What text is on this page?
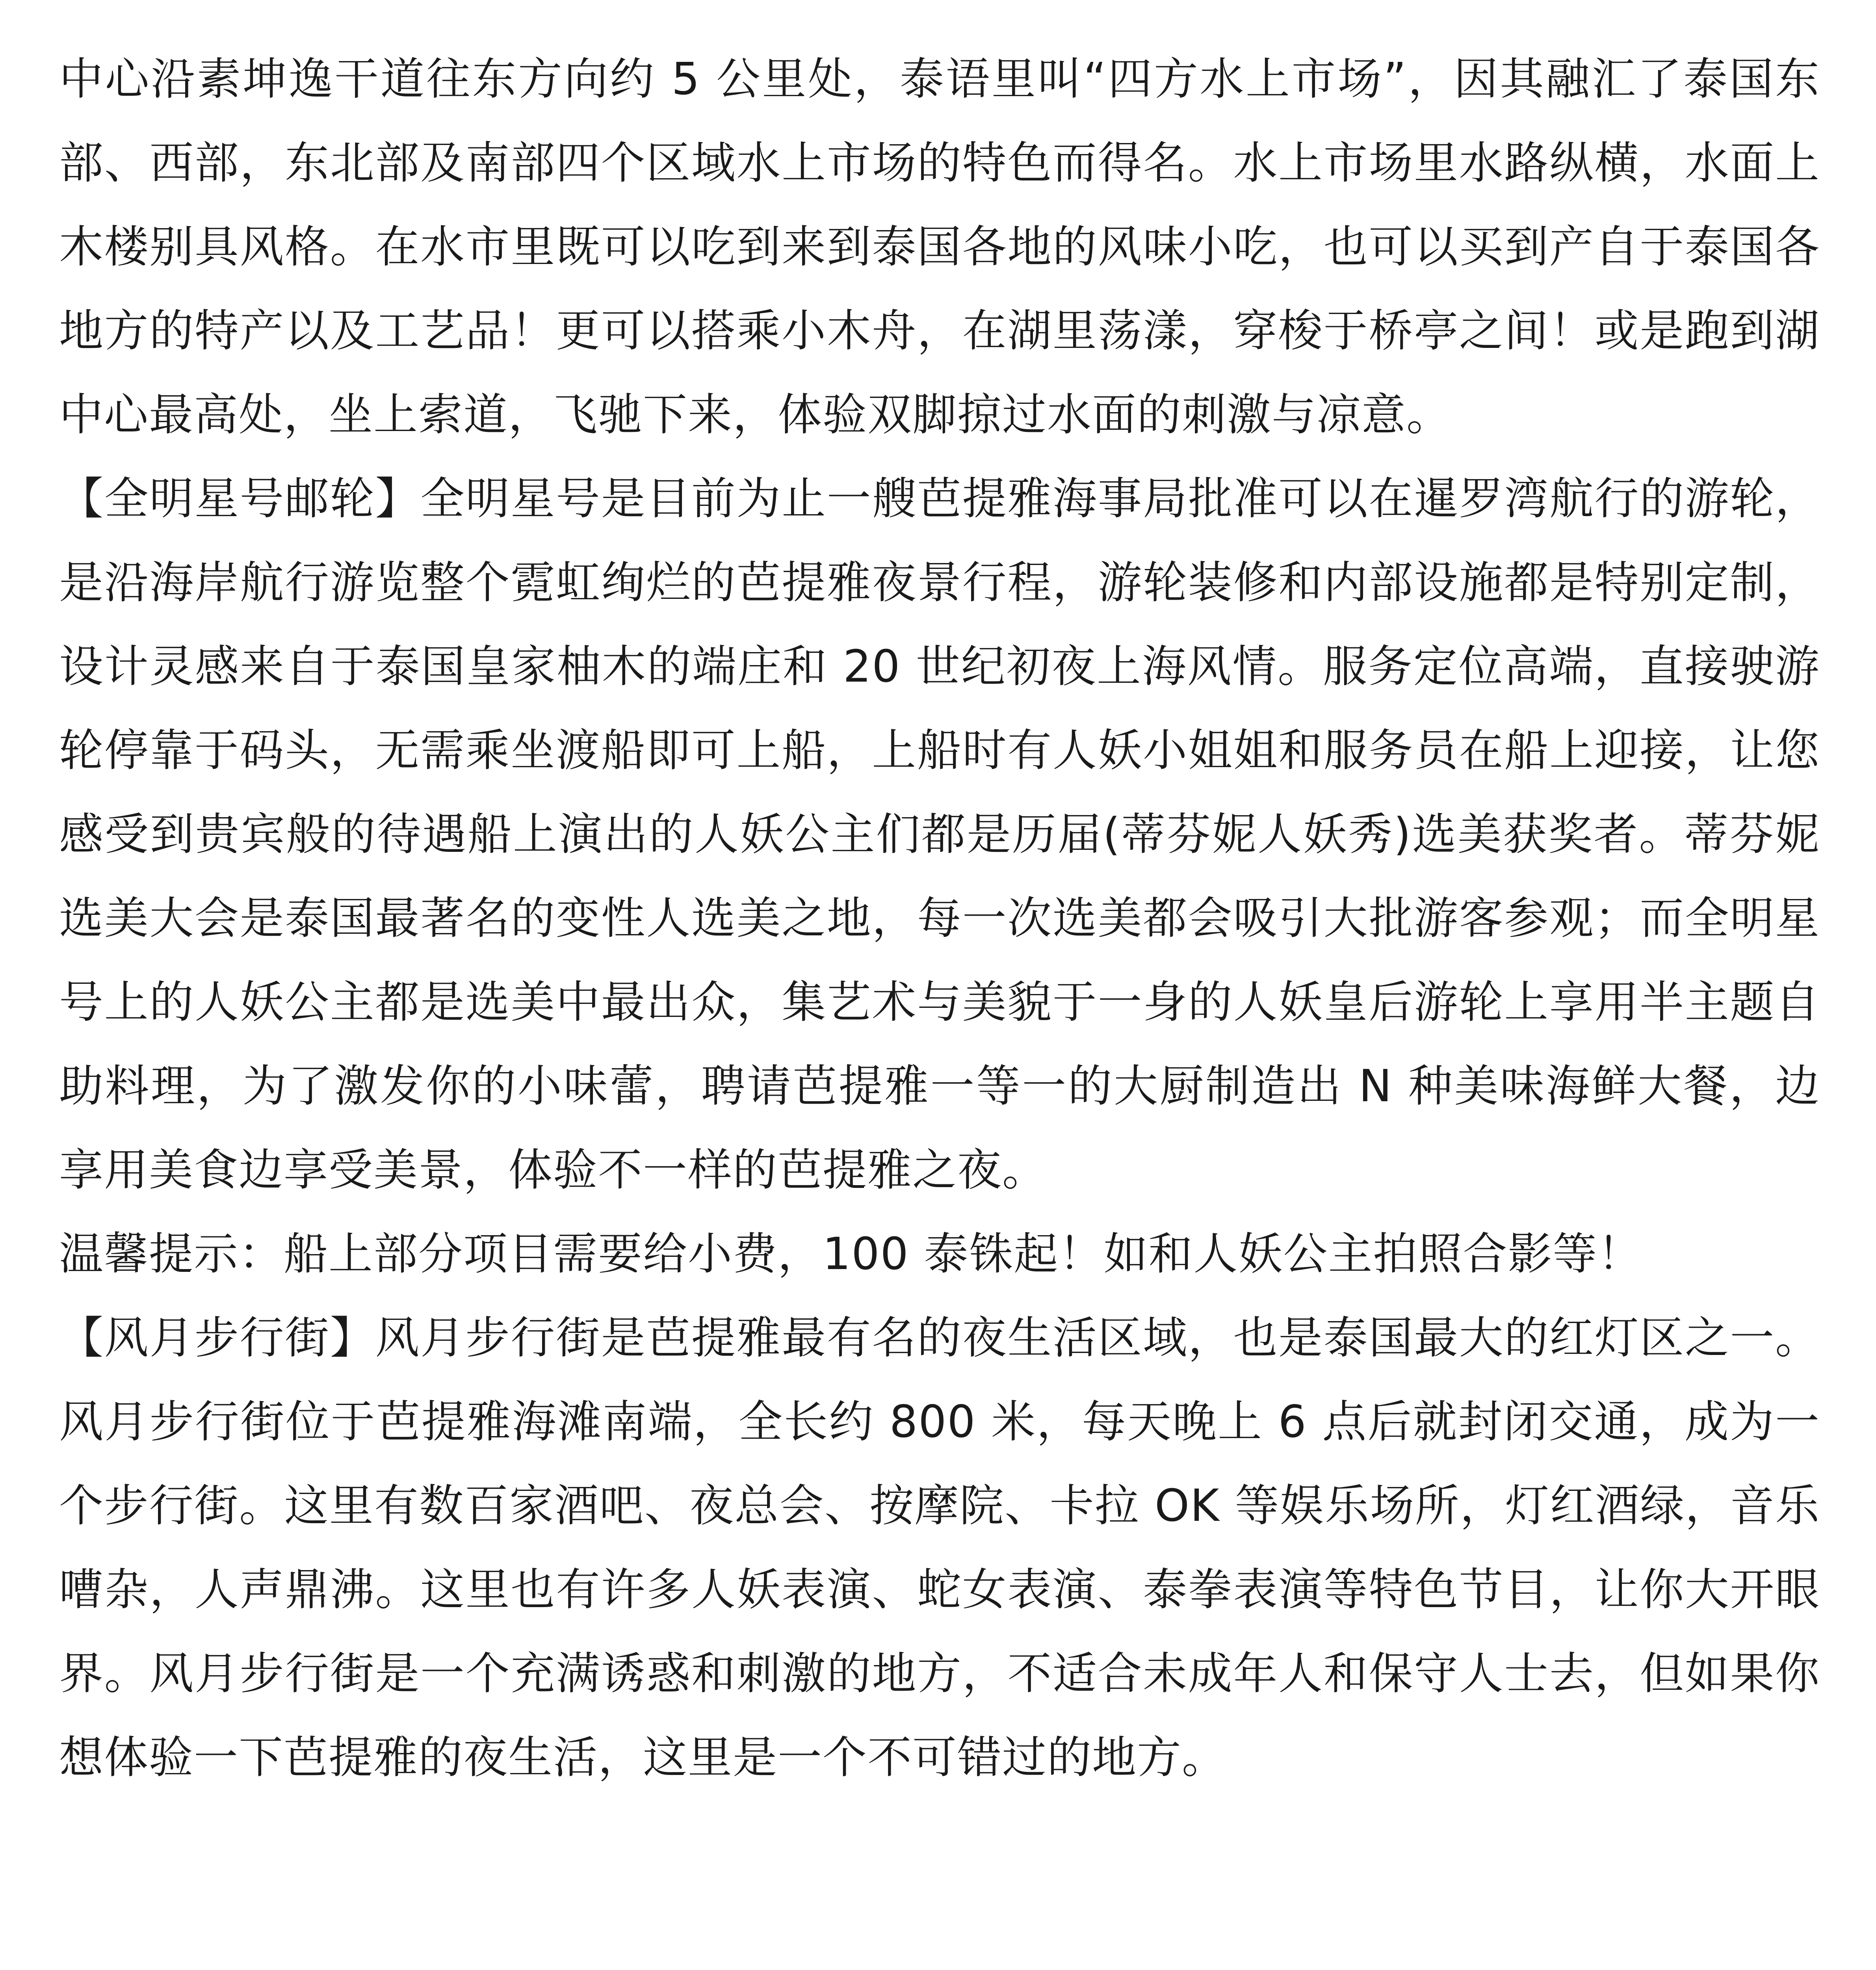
中心沿素坤逸干道往东方向约 5 公里处，泰语里叫“四方水上市场”，因其融汇了泰国东部、西部，东北部及南部四个区域水上市场的特色而得名。水上市场里水路纵横，水面上木楼别具风格。在水市里既可以吃到来到泰国各地的风味小吃，也可以买到产自于泰国各地方的特产以及工艺品！更可以搭乘小木舟，在湖里荡漾，穿梭于桥亭之间！或是跑到湖中心最高处，坐上索道，飞驰下来，体验双脚掠过水面的刺激与凉意。

【全明星号邮轮】全明星号是目前为止一艘芭提雅海事局批准可以在暹罗湾航行的游轮，是沿海岸航行游览整个霓虹绚烂的芭提雅夜景行程，游轮装修和内部设施都是特别定制，设计灵感来自于泰国皇家柚木的端庄和 20 世纪初夜上海风情。服务定位高端，直接驶游轮停靠于码头，无需乘坐渡船即可上船，上船时有人妖小姐姐和服务员在船上迎接，让您感受到贵宾般的待遇船上演出的人妖公主们都是历届(蒂芬妮人妖秀)选美获奖者。蒂芬妮选美大会是泰国最著名的变性人选美之地，每一次选美都会吸引大批游客参观；而全明星号上的人妖公主都是选美中最出众，集艺术与美貌于一身的人妖皇后游轮上享用半主题自助料理，为了激发你的小味蕾，聘请芭提雅一等一的大厨制造出 N 种美味海鲜大餐，边享用美食边享受美景，体验不一样的芭提雅之夜。

温馨提示：船上部分项目需要给小费，100 泰铢起！如和人妖公主拍照合影等！

【风月步行街】风月步行街是芭提雅最有名的夜生活区域，也是泰国最大的红灯区之一。风月步行街位于芭提雅海滩南端，全长约 800 米，每天晚上 6 点后就封闭交通，成为一个步行街。这里有数百家酒吧、夜总会、按摩院、卡拉 OK 等娱乐场所，灯红酒绿，音乐嘈杂，人声鼎沸。这里也有许多人妖表演、蛇女表演、泰拳表演等特色节目，让你大开眼界。风月步行街是一个充满诱惑和刺激的地方，不适合未成年人和保守人士去，但如果你想体验一下芭提雅的夜生活，这里是一个不可错过的地方。
